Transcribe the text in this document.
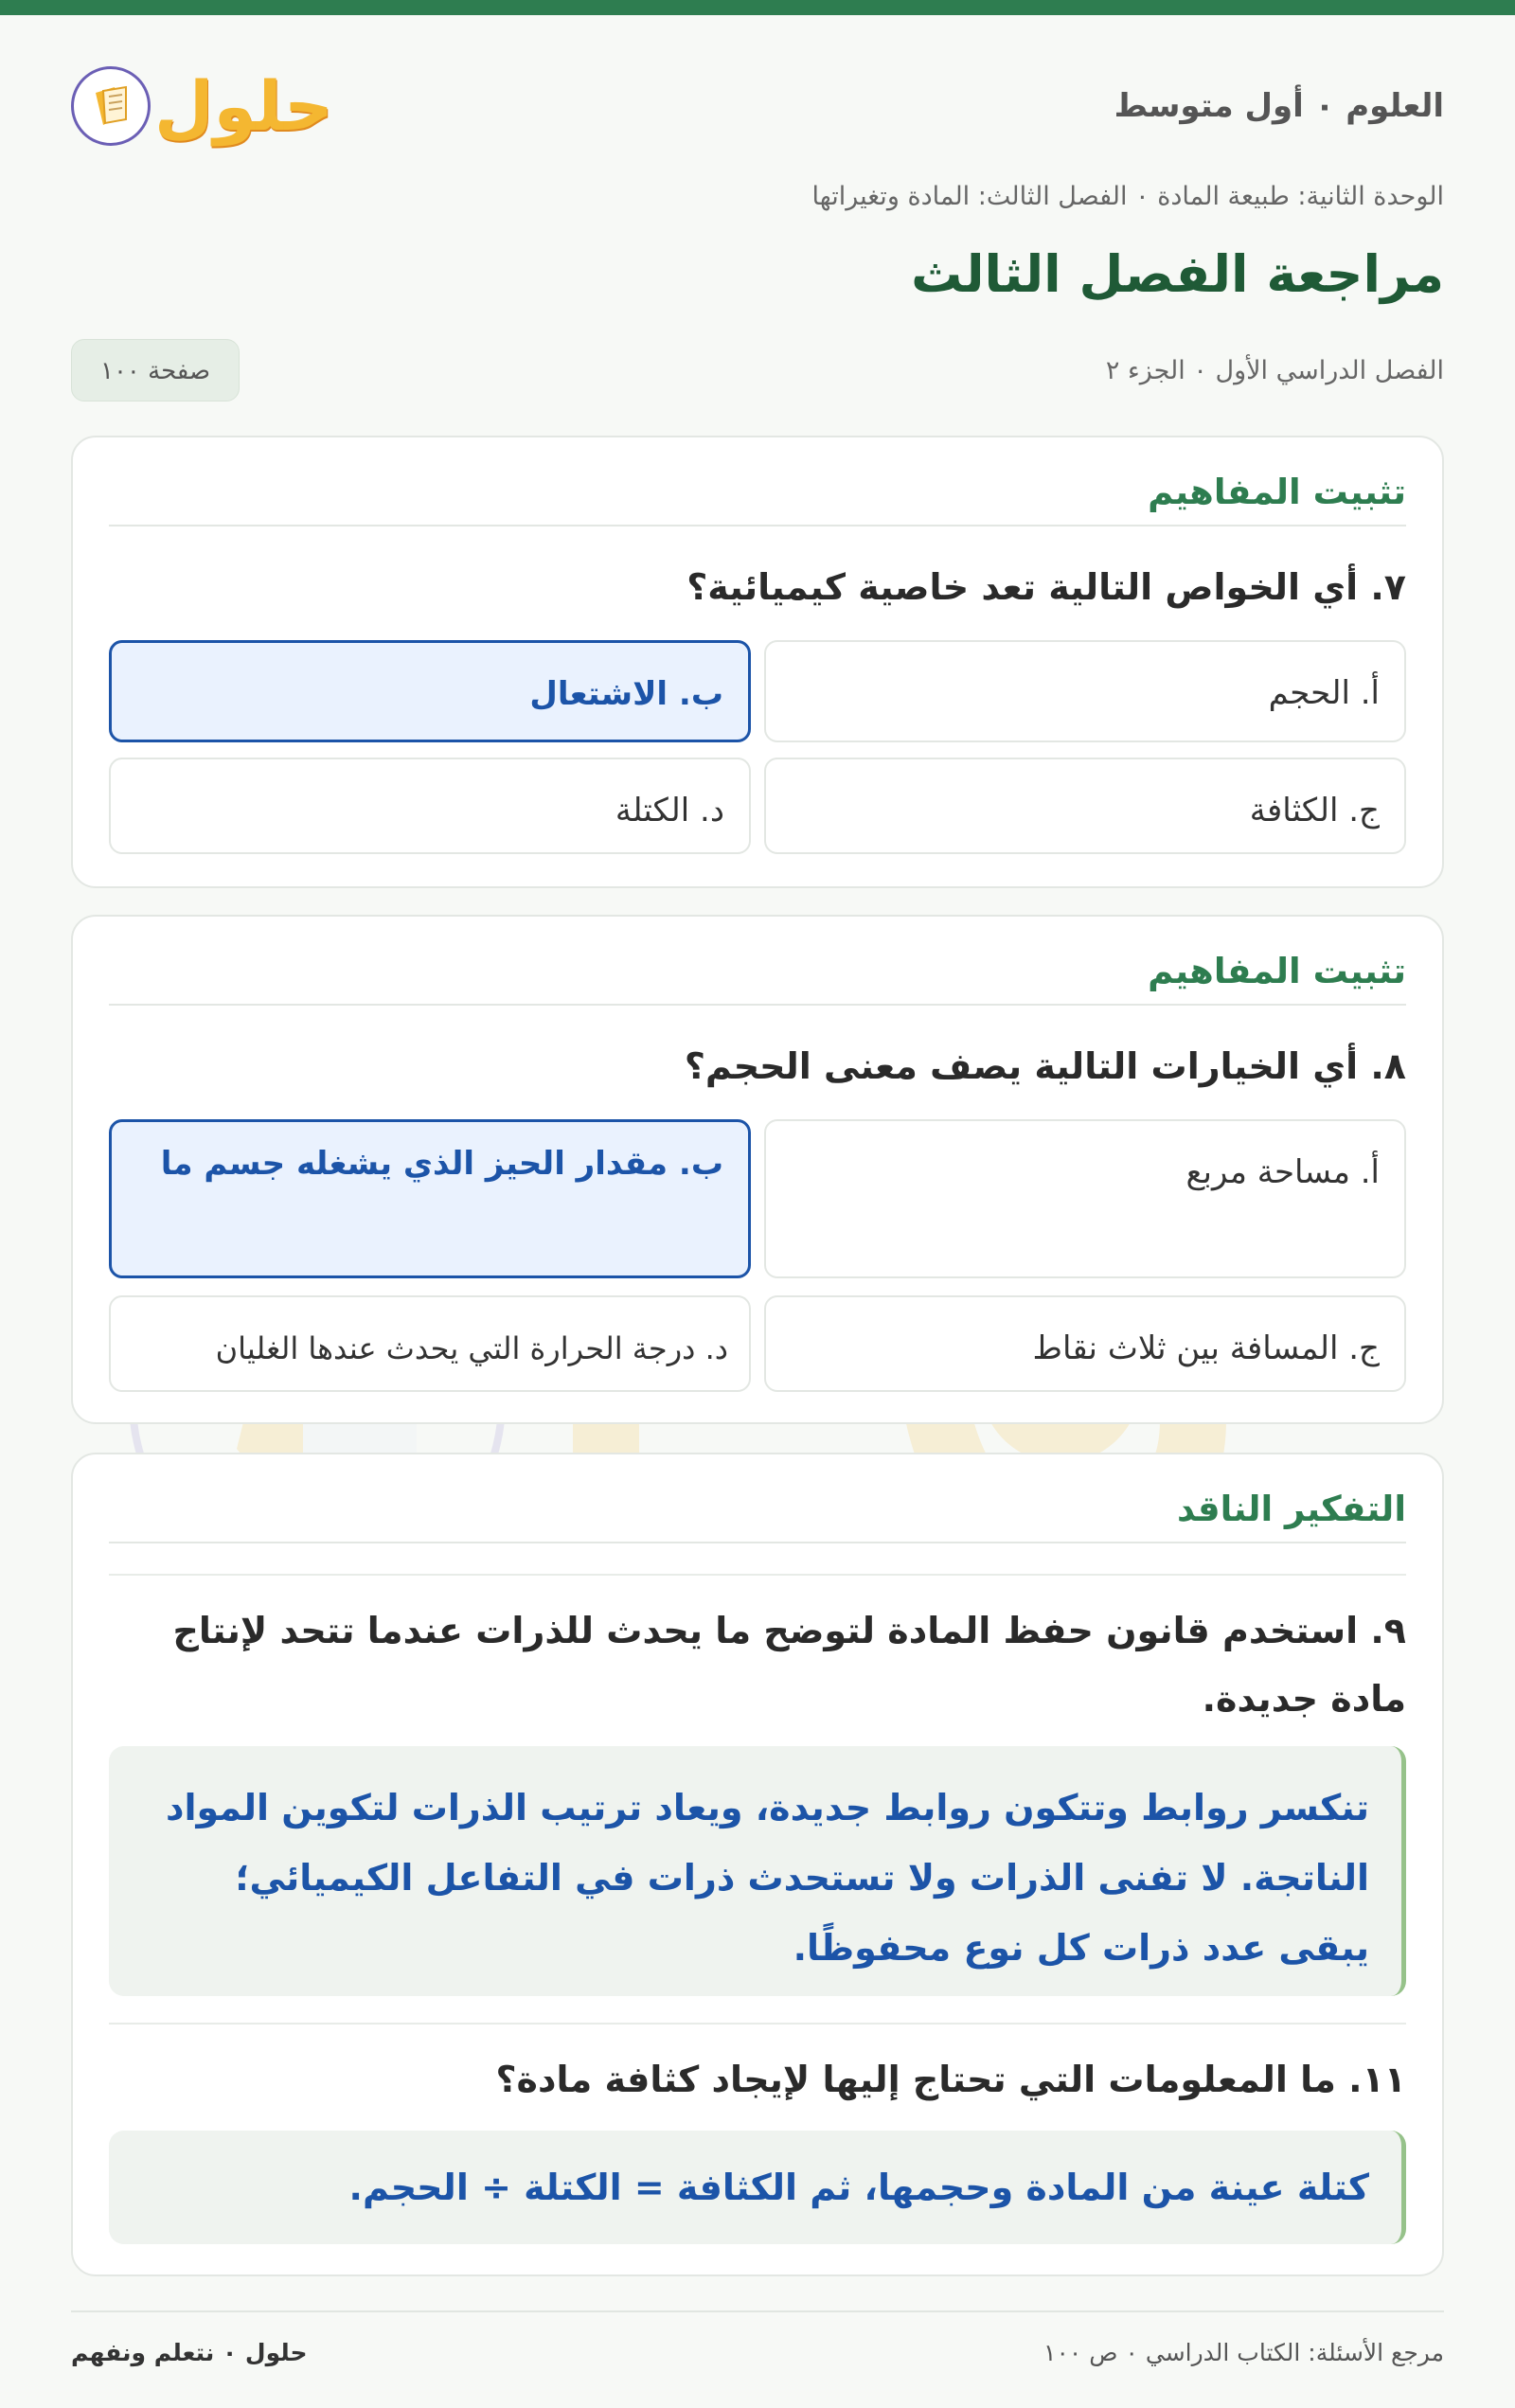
العلوم ٠ أول متوسط
حلول
الوحدة الثانية: طبيعة المادة ٠ الفصل الثالث: المادة وتغيراتها
مراجعة الفصل الثالث
الفصل الدراسي الأول ٠ الجزء ٢
صفحة ١٠٠
تثبيت المفاهيم
٧. أي الخواص التالية تعد خاصية كيميائية؟
أ. الحجم
ب. الاشتعال
ج. الكثافة
د. الكتلة
تثبيت المفاهيم
٨. أي الخيارات التالية يصف معنى الحجم؟
أ. مساحة مربع
ب. مقدار الحيز الذي يشغله جسم ما
ج. المسافة بين ثلاث نقاط
د. درجة الحرارة التي يحدث عندها الغليان
التفكير الناقد
٩. استخدم قانون حفظ المادة لتوضح ما يحدث للذرات عندما تتحد لإنتاج مادة جديدة.
تنكسر روابط وتتكون روابط جديدة، ويعاد ترتيب الذرات لتكوين المواد الناتجة. لا تفنى الذرات ولا تستحدث ذرات في التفاعل الكيميائي؛ يبقى عدد ذرات كل نوع محفوظًا.
١١. ما المعلومات التي تحتاج إليها لإيجاد كثافة مادة؟
كتلة عينة من المادة وحجمها، ثم الكثافة = الكتلة ÷ الحجم.
مرجع الأسئلة: الكتاب الدراسي ٠ ص ١٠٠
حلول ٠ نتعلم ونفهم
